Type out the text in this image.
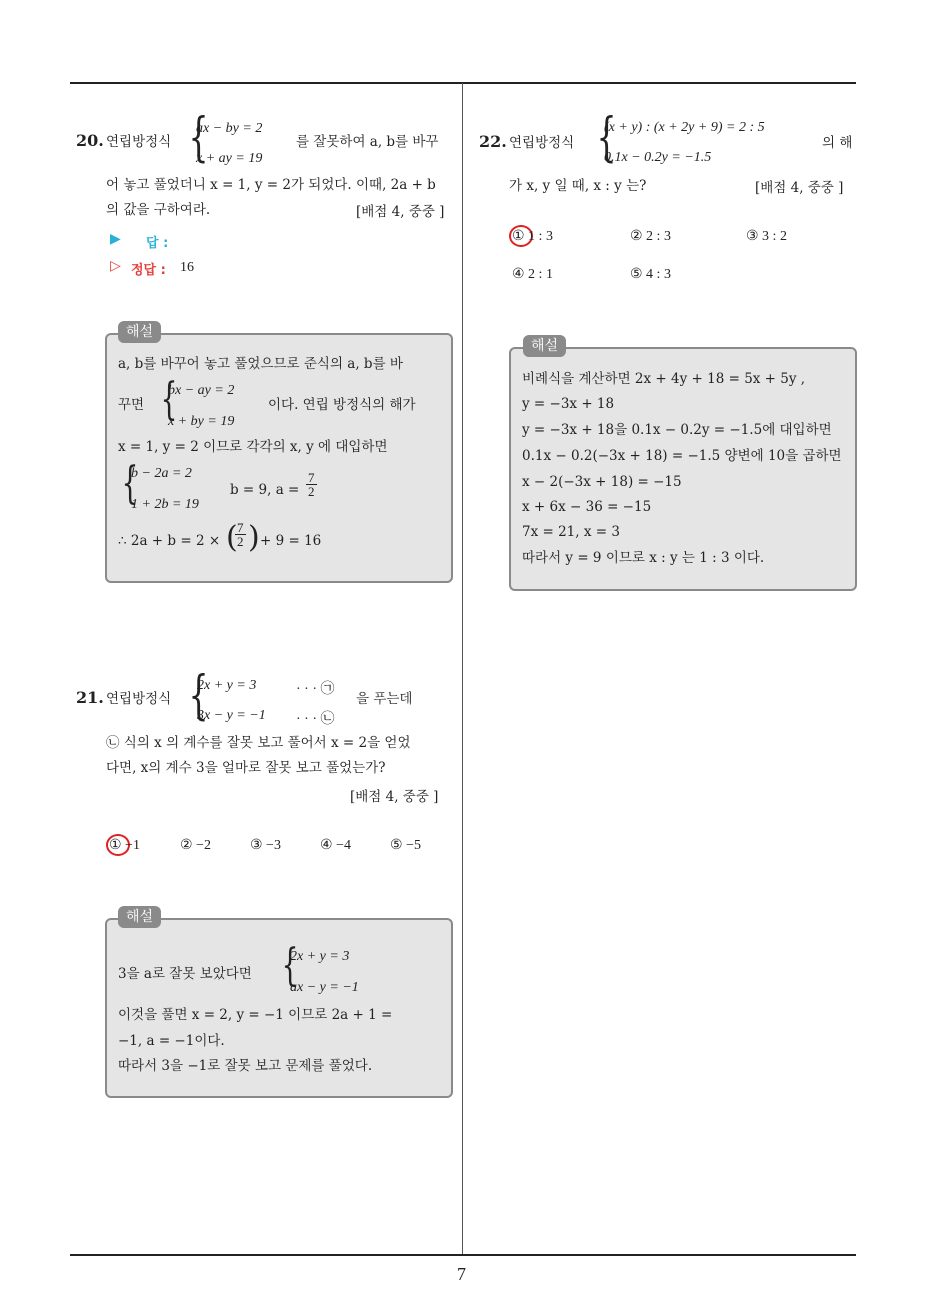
7
20. 연립방정식 {
ax − by = 2
x + ay = 19
를 잘못하여 a, b를 바꾸
어 놓고 풀었더니 x = 1, y = 2가 되었다. 이때, 2a + b
의 값을 구하여라.	[배점 4, 중중 ]
▶ 답 :
▷ 정답 : 16
해설
a, b를 바꾸어 놓고 풀었으므로 준식의 a, b를 바
꾸면 {
bx − ay = 2
x + by = 19
이다. 연립 방정식의 해가
x = 1, y = 2 이므로 각각의 x, y 에 대입하면
{
b − 2a = 2
1 + 2b = 19
b = 9, $a = \frac{7}{2}$
∴ 2a + b = 2 × (
$\frac{7}{2}$ ) + 9 = 16
21. 연립방정식 {
2x + y = 3	· · · ㉠
3x − y = −1 · · · ㉡
을 푸는데
㉡ 식의 x 의 계수를 잘못 보고 풀어서 x = 2을 얻었
다면, x의 계수 3을 얼마로 잘못 보고 풀었는가?
[배점 4, 중중 ]
① −1	② −2	③ −3	④ −4	⑤ −5
해설
3을 a로 잘못 보았다면 {
2x + y = 3
ax − y = −1
이것을 풀면 x = 2, y = −1 이므로 2a + 1 =
−1, a = −1이다.
따라서 3을 −1로 잘못 보고 문제를 풀었다.
22. 연립방정식 {
(x + y) : (x + 2y + 9) = 2 : 5
0.1x − 0.2y = −1.5
의 해
가 x, y 일 때, x : y 는?	[배점 4, 중중 ]
① 1 : 3	② 2 : 3	③ 3 : 2
④ 2 : 1	⑤ 4 : 3
해설
비례식을 계산하면 2x + 4y + 18 = 5x + 5y ,
y = −3x + 18
y = −3x + 18을 0.1x − 0.2y = −1.5에 대입하면
0.1x − 0.2(−3x + 18) = −1.5 양변에 10을 곱하면
x − 2(−3x + 18) = −15
x + 6x − 36 = −15
7x = 21, x = 3
따라서 y = 9 이므로 x : y 는 1 : 3 이다.
